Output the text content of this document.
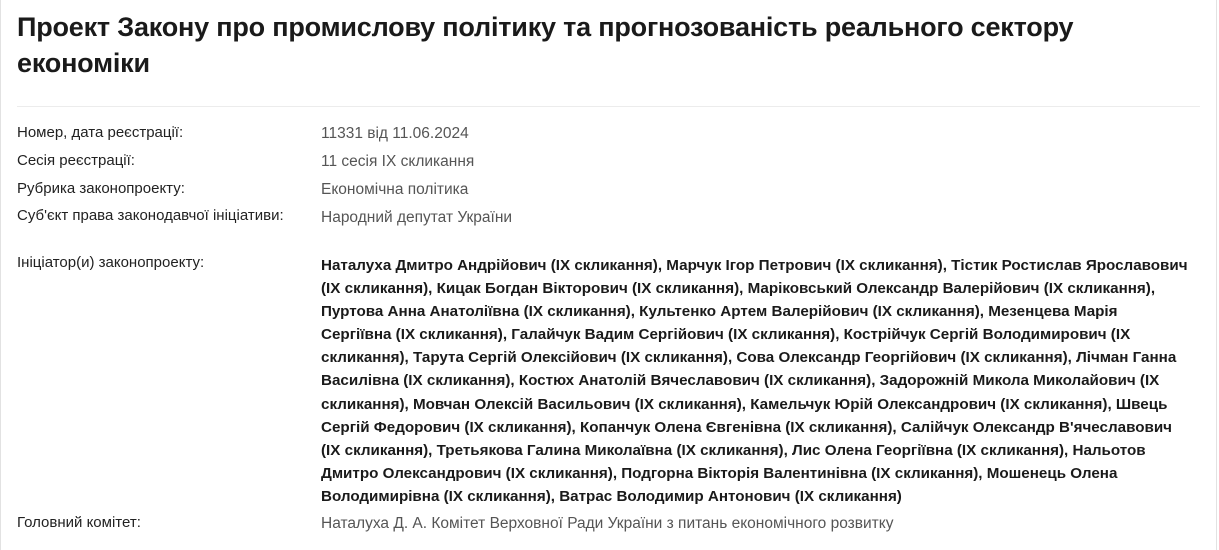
Проект Закону про промислову політику та прогнозованість реального сектору економіки
Номер, дата реєстрації:	11331 від 11.06.2024
Сесія реєстрації:	11 сесія IX скликання
Рубрика законопроекту:	Економічна політика
Суб'єкт права законодавчої ініціативи:	Народний депутат України
Ініціатор(и) законопроекту:	Наталуха Дмитро Андрійович (IX скликання), Марчук Ігор Петрович (IX скликання), Тістик Ростислав Ярославович (IX скликання), Кицак Богдан Вікторович (IX скликання), Маріковський Олександр Валерійович (IX скликання), Пуртова Анна Анатоліївна (IX скликання), Культенко Артем Валерійович (IX скликання), Мезенцева Марія Сергіївна (IX скликання), Галайчук Вадим Сергійович (IX скликання), Кострійчук Сергій Володимирович (IX скликання), Тарута Сергій Олексійович (IX скликання), Сова Олександр Георгійович (IX скликання), Лічман Ганна Василівна (IX скликання), Костюх Анатолій Вячеславович (IX скликання), Задорожній Микола Миколайович (IX скликання), Мовчан Олексій Васильович (IX скликання), Камельчук Юрій Олександрович (IX скликання), Швець Сергій Федорович (IX скликання), Копанчук Олена Євгенівна (IX скликання), Салійчук Олександр В'ячеславович (IX скликання), Третьякова Галина Миколаївна (IX скликання), Лис Олена Георгіївна (IX скликання), Нальотов Дмитро Олександрович (IX скликання), Подгорна Вікторія Валентинівна (IX скликання), Мошенець Олена Володимирівна (IX скликання), Ватрас Володимир Антонович (IX скликання)
Головний комітет:	Наталуха Д. А. Комітет Верховної Ради України з питань економічного розвитку
